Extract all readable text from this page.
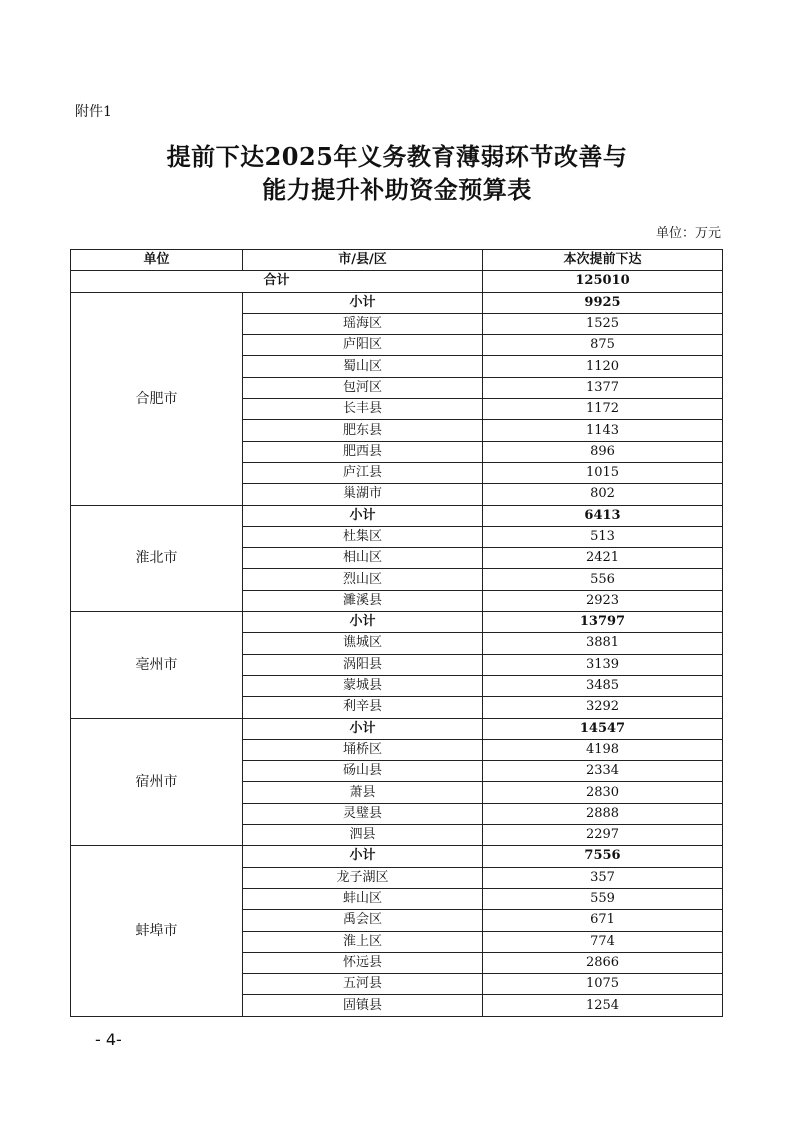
附件1
提前下达2025年义务教育薄弱环节改善与
能力提升补助资金预算表
单位：万元
单位	市/县/区	本次提前下达
合计		125010
合肥市	小计	9925
	瑶海区	1525
	庐阳区	875
	蜀山区	1120
	包河区	1377
	长丰县	1172
	肥东县	1143
	肥西县	896
	庐江县	1015
	巢湖市	802
淮北市	小计	6413
	杜集区	513
	相山区	2421
	烈山区	556
	濉溪县	2923
亳州市	小计	13797
	谯城区	3881
	涡阳县	3139
	蒙城县	3485
	利辛县	3292
宿州市	小计	14547
	埇桥区	4198
	砀山县	2334
	萧县	2830
	灵璧县	2888
	泗县	2297
蚌埠市	小计	7556
	龙子湖区	357
	蚌山区	559
	禹会区	671
	淮上区	774
	怀远县	2866
	五河县	1075
	固镇县	1254
- 4-
